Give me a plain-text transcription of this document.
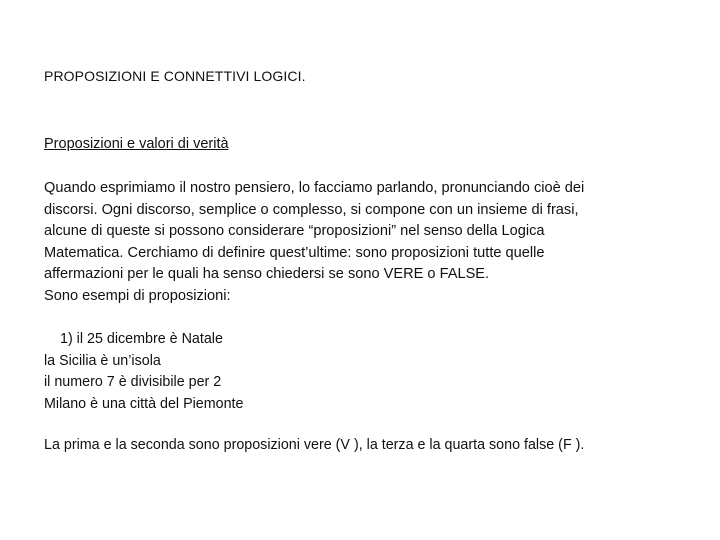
PROPOSIZIONI E CONNETTIVI LOGICI.
Proposizioni e valori di verità
Quando esprimiamo il nostro pensiero, lo facciamo parlando, pronunciando cioè dei
discorsi. Ogni discorso, semplice o complesso, si compone con un insieme di frasi,
alcune di queste si possono considerare “proposizioni” nel senso della Logica
Matematica. Cerchiamo di definire quest’ultime: sono proposizioni tutte quelle
affermazioni per le quali ha senso chiedersi se sono VERE o FALSE.
Sono esempi di proposizioni:
1) il 25 dicembre è Natale
la Sicilia è un’isola
il numero 7 è divisibile per 2
Milano è una città del Piemonte
La prima e la seconda sono proposizioni vere (V ), la terza e la quarta sono false (F ).
